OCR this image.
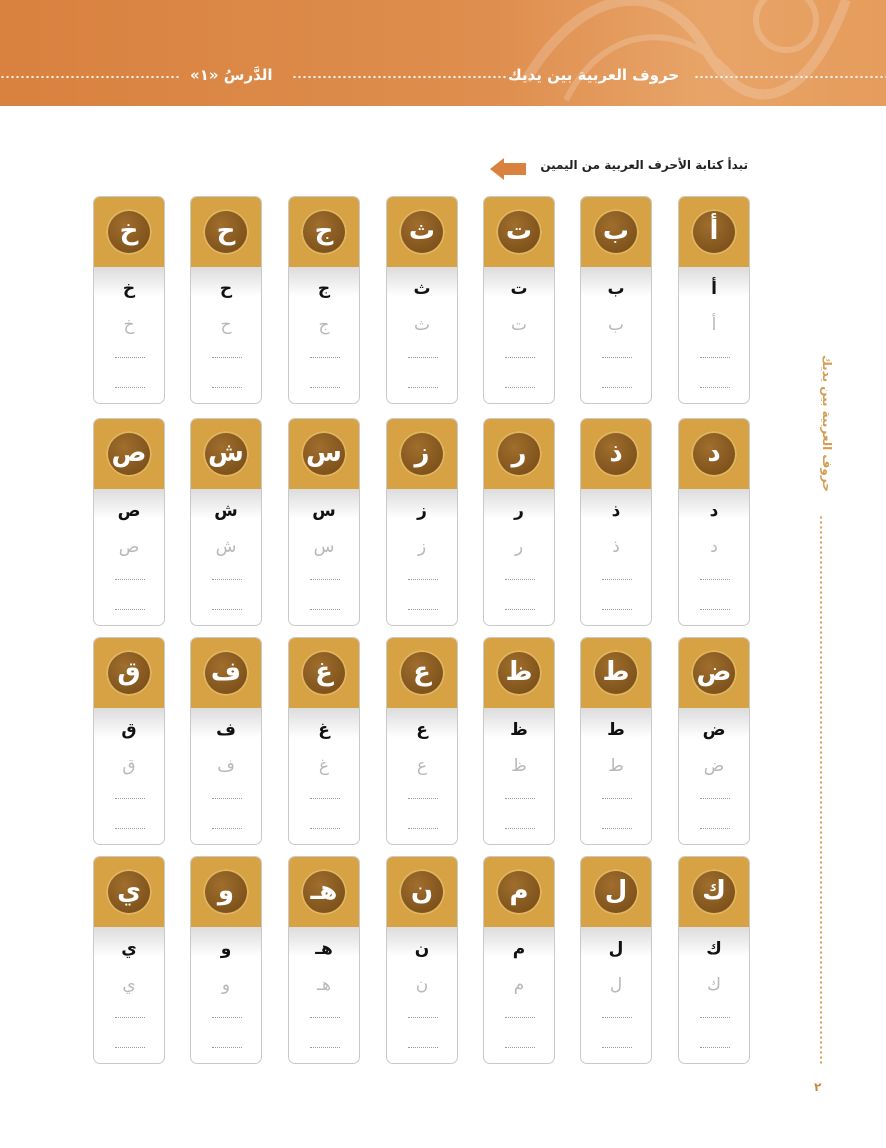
الدَّرسُ «١»	حروف العربية بين يديك
تبدأ كتابة الأحرف العربية من اليمين
أ
أ
أ
ب
ب
ب
ت
ت
ت
ث
ث
ث
ج
ج
ج
ح
ح
ح
خ
خ
خ
د
د
د
ذ
ذ
ذ
ر
ر
ر
ز
ز
ز
س
س
س
ش
ش
ش
ص
ص
ص
ض
ض
ض
ط
ط
ط
ظ
ظ
ظ
ع
ع
ع
غ
غ
غ
ف
ف
ف
ق
ق
ق
ك
ك
ك
ل
ل
ل
م
م
م
ن
ن
ن
هـ
هـ
هـ
و
و
و
ي
ي
ي
حروف العربية بين يديك
٢
